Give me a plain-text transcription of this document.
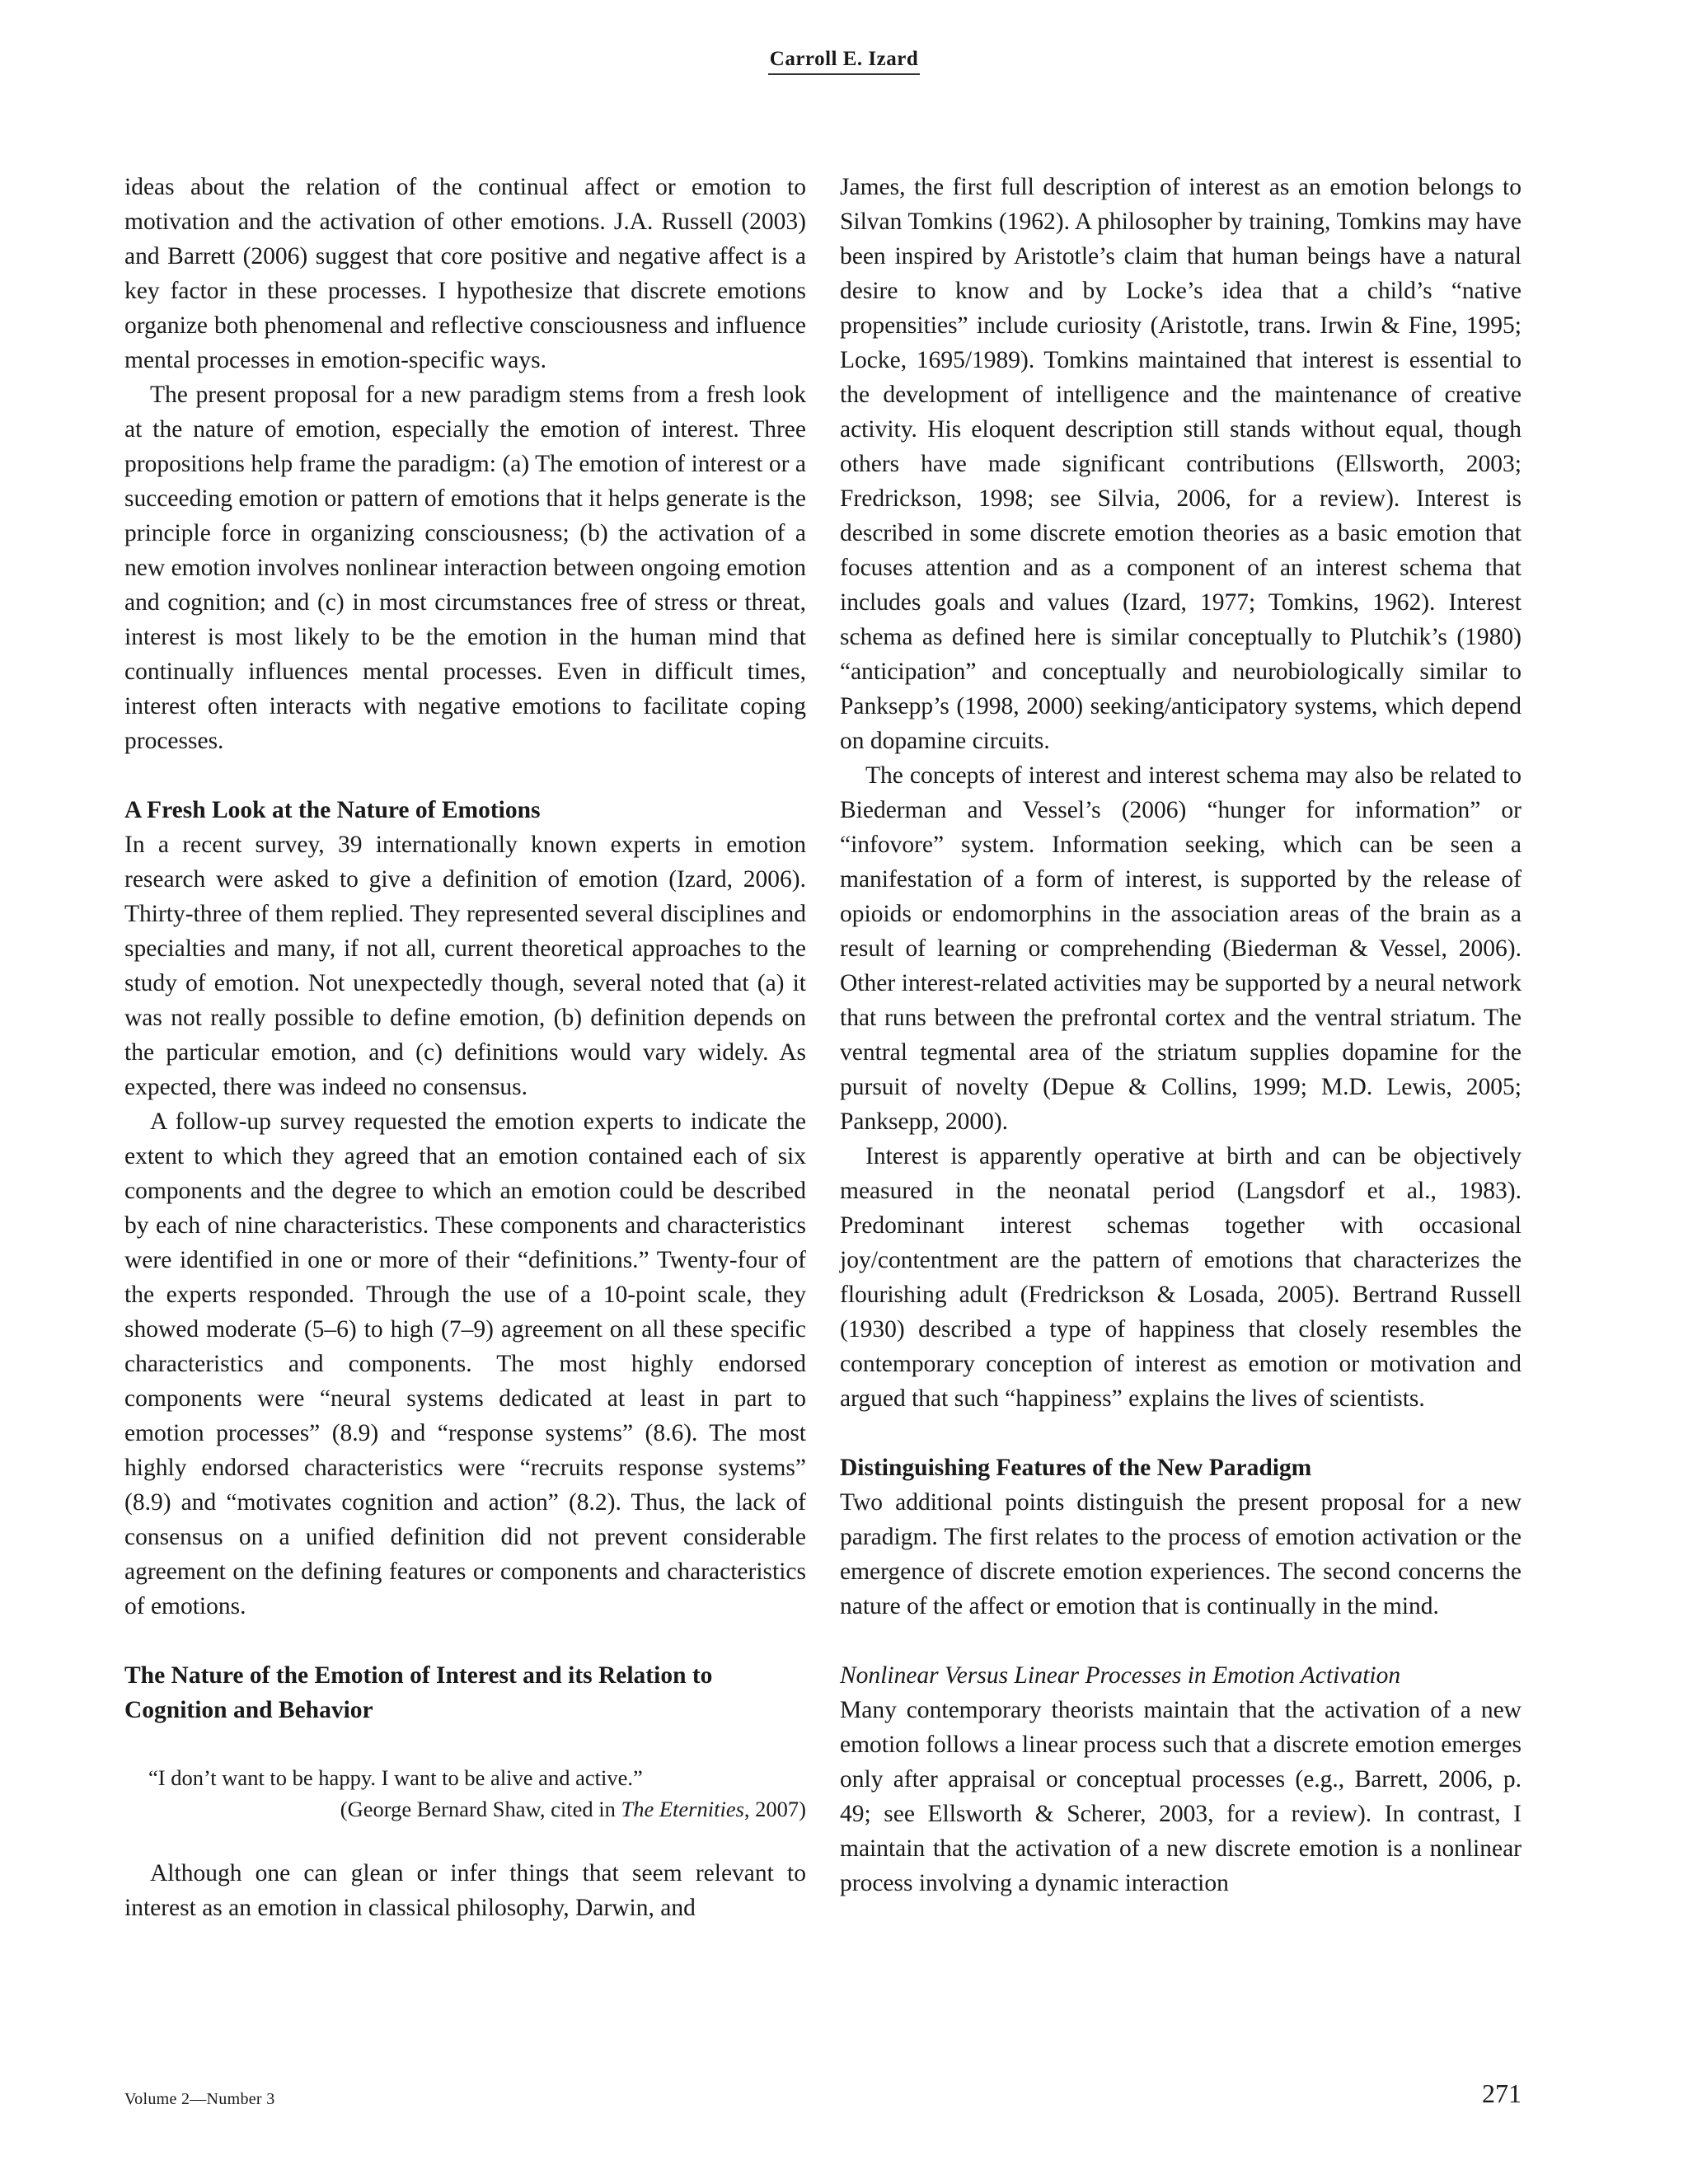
Carroll E. Izard

ideas about the relation of the continual affect or emotion to motivation and the activation of other emotions. J.A. Russell (2003) and Barrett (2006) suggest that core positive and negative affect is a key factor in these processes. I hypothesize that discrete emotions organize both phenomenal and reflective consciousness and influence mental processes in emotion-specific ways.

The present proposal for a new paradigm stems from a fresh look at the nature of emotion, especially the emotion of interest. Three propositions help frame the paradigm: (a) The emotion of interest or a succeeding emotion or pattern of emotions that it helps generate is the principle force in organizing consciousness; (b) the activation of a new emotion involves nonlinear interaction between ongoing emotion and cognition; and (c) in most circumstances free of stress or threat, interest is most likely to be the emotion in the human mind that continually influences mental processes. Even in difficult times, interest often interacts with negative emotions to facilitate coping processes.

A Fresh Look at the Nature of Emotions

In a recent survey, 39 internationally known experts in emotion research were asked to give a definition of emotion (Izard, 2006). Thirty-three of them replied. They represented several disciplines and specialties and many, if not all, current theoretical approaches to the study of emotion. Not unexpectedly though, several noted that (a) it was not really possible to define emotion, (b) definition depends on the particular emotion, and (c) definitions would vary widely. As expected, there was indeed no consensus.

A follow-up survey requested the emotion experts to indicate the extent to which they agreed that an emotion contained each of six components and the degree to which an emotion could be described by each of nine characteristics. These components and characteristics were identified in one or more of their “definitions.” Twenty-four of the experts responded. Through the use of a 10-point scale, they showed moderate (5–6) to high (7–9) agreement on all these specific characteristics and components. The most highly endorsed components were “neural systems dedicated at least in part to emotion processes” (8.9) and “response systems” (8.6). The most highly endorsed characteristics were “recruits response systems” (8.9) and “motivates cognition and action” (8.2). Thus, the lack of consensus on a unified definition did not prevent considerable agreement on the defining features or components and characteristics of emotions.

The Nature of the Emotion of Interest and its Relation to Cognition and Behavior
“I don’t want to be happy. I want to be alive and active.”
(George Bernard Shaw, cited in The Eternities, 2007)

Although one can glean or infer things that seem relevant to interest as an emotion in classical philosophy, Darwin, and

James, the first full description of interest as an emotion belongs to Silvan Tomkins (1962). A philosopher by training, Tomkins may have been inspired by Aristotle’s claim that human beings have a natural desire to know and by Locke’s idea that a child’s “native propensities” include curiosity (Aristotle, trans. Irwin & Fine, 1995; Locke, 1695/1989). Tomkins maintained that interest is essential to the development of intelligence and the maintenance of creative activity. His eloquent description still stands without equal, though others have made significant contributions (Ellsworth, 2003; Fredrickson, 1998; see Silvia, 2006, for a review). Interest is described in some discrete emotion theories as a basic emotion that focuses attention and as a component of an interest schema that includes goals and values (Izard, 1977; Tomkins, 1962). Interest schema as defined here is similar conceptually to Plutchik’s (1980) “anticipation” and conceptually and neurobiologically similar to Panksepp’s (1998, 2000) seeking/anticipatory systems, which depend on dopamine circuits.

The concepts of interest and interest schema may also be related to Biederman and Vessel’s (2006) “hunger for information” or “infovore” system. Information seeking, which can be seen a manifestation of a form of interest, is supported by the release of opioids or endomorphins in the association areas of the brain as a result of learning or comprehending (Biederman & Vessel, 2006). Other interest-related activities may be supported by a neural network that runs between the prefrontal cortex and the ventral striatum. The ventral tegmental area of the striatum supplies dopamine for the pursuit of novelty (Depue & Collins, 1999; M.D. Lewis, 2005; Panksepp, 2000).

Interest is apparently operative at birth and can be objectively measured in the neonatal period (Langsdorf et al., 1983). Predominant interest schemas together with occasional joy/contentment are the pattern of emotions that characterizes the flourishing adult (Fredrickson & Losada, 2005). Bertrand Russell (1930) described a type of happiness that closely resembles the contemporary conception of interest as emotion or motivation and argued that such “happiness” explains the lives of scientists.

Distinguishing Features of the New Paradigm

Two additional points distinguish the present proposal for a new paradigm. The first relates to the process of emotion activation or the emergence of discrete emotion experiences. The second concerns the nature of the affect or emotion that is continually in the mind.

Nonlinear Versus Linear Processes in Emotion Activation

Many contemporary theorists maintain that the activation of a new emotion follows a linear process such that a discrete emotion emerges only after appraisal or conceptual processes (e.g., Barrett, 2006, p. 49; see Ellsworth & Scherer, 2003, for a review). In contrast, I maintain that the activation of a new discrete emotion is a nonlinear process involving a dynamic interaction

Volume 2—Number 3	271
